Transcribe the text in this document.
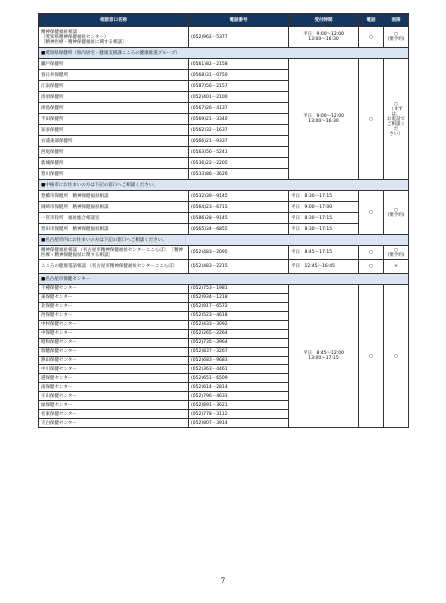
相談窓口名称	電話番号	受付時間	電話	面接
精神保健福祉相談
（愛知県精神保健福祉センター）
［精神医療・精神保健福祉に関する相談］	(052)962－5377	平日　9:00～12:00
13:00～16:30	○	○
(要予約)
■愛知県保健所（県内居宅・健康支援課こころの健康推進グループ）				
瀬戸保健所	(0561)82－2158	平日　9:00～12:00
13:00～16:30	○	○
（まずは、
お電話で
ご相談くだ
さい）
春日井保健所	(0568)31－0750			
江南保健所	(0587)56－2157			
清須保健所	(052)401－2100			
津島保健所	(0567)26－4137			
半田保健所	(0569)21－3340			
知多保健所	(0562)32－1637			
衣浦東部保健所	(0566)21－9337			
西尾保健所	(0563)56－5241			
新城保健所	(0536)22－2205			
豊川保健所	(0533)86－3626			
■中核市にお住まいの方は下記の窓口へご相談ください。				
豊橋市保健所　精神保健福祉相談	(0532)39－9145	平日　8:30～17:15	○	○
(要予約)
岡崎市保健所　精神保健福祉相談	(0564)23－6715	平日　9:00～17:00		
一宮市役所　福祉総合相談室	(0586)28－9145	平日　8:30～17:15		
豊田市保健所　精神保健福祉相談	(0565)34－6855	平日　8:30～17:15		
■名古屋市内にお住まいの方は下記の窓口へご相談ください。				
精神保健福祉相談 （名古屋市精神保健福祉センターここらぼ） ［精神医療・精神保健福祉に関する相談］	(052)483－2095	平日　8:45～17:15	○	○
(要予約)
こころの健康電話相談 （名古屋市精神保健福祉センターここらぼ）	(052)483－2215	平日　12:45～16:45	○	×
■名古屋市保健センター				
千種保健センター	(052)753－1981	平日　8:45～12:00
13:00～17:15	○	○
東保健センター	(052)934－1218			
北保健センター	(052)917－6572			
西保健センター	(052)523－4618			
中村保健センター	(052)433－3092			
中保健センター	(052)265－2264			
昭和保健センター	(052)735－3964			
瑞穂保健センター	(052)837－3267			
熱田保健センター	(052)683－9683			
中川保健センター	(052)363－4461			
港保健センター	(052)651－6509			
南保健センター	(052)614－2814			
守山保健センター	(052)796－4633			
緑保健センター	(052)891－3621			
名東保健センター	(052)778－3112			
天白保健センター	(052)807－3914			
7
